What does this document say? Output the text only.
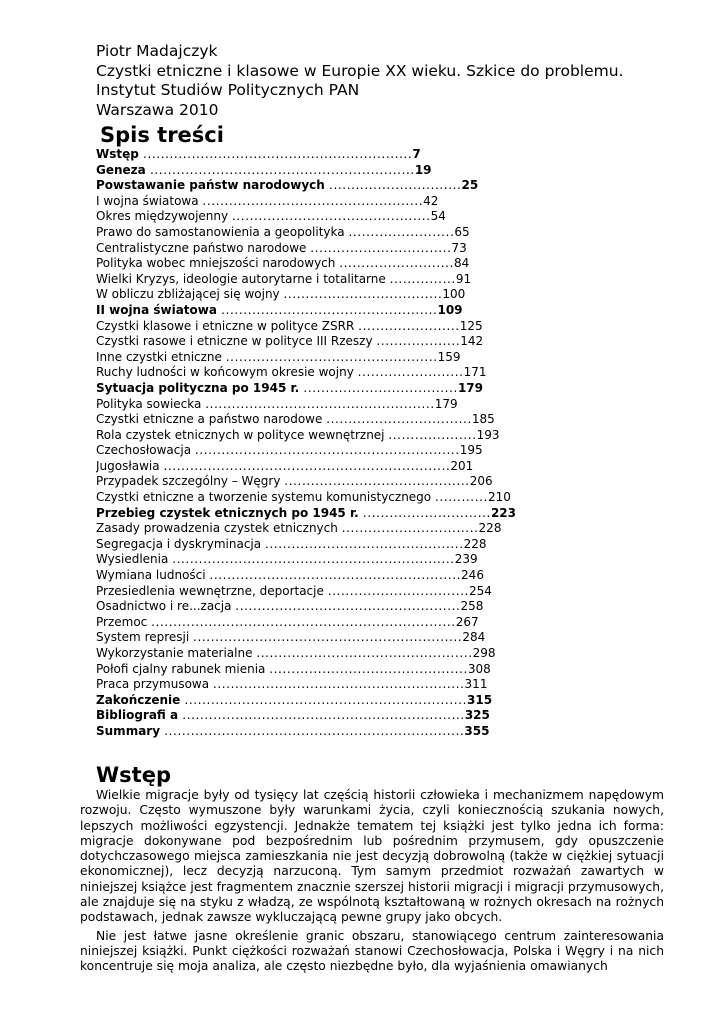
Piotr Madajczyk
Czystki etniczne i klasowe w Europie XX wieku. Szkice do problemu.
Instytut Studiów Politycznych PAN
Warszawa 2010
Spis treści
Wstęp .............................................................7
Geneza ............................................................19
Powstawanie państw narodowych ..............................25
I wojna światowa ..................................................42
Okres międzywojenny .............................................54
Prawo do samostanowienia a geopolityka ........................65
Centralistyczne państwo narodowe ................................73
Polityka wobec mniejszości narodowych ..........................84
Wielki Kryzys, ideologie autorytarne i totalitarne ...............91
W obliczu zbliżającej się wojny ....................................100
II wojna światowa .................................................109
Czystki klasowe i etniczne w polityce ZSRR .......................125
Czystki rasowe i etniczne w polityce III Rzeszy ...................142
Inne czystki etniczne ................................................159
Ruchy ludności w końcowym okresie wojny ........................171
Sytuacja polityczna po 1945 r. ...................................179
Polityka sowiecka ....................................................179
Czystki etniczne a państwo narodowe .................................185
Rola czystek etnicznych w polityce wewnętrznej ....................193
Czechosłowacja ............................................................195
Jugosławia .................................................................201
Przypadek szczególny – Węgry ..........................................206
Czystki etniczne a tworzenie systemu komunistycznego ............210
Przebieg czystek etnicznych po 1945 r. .............................223
Zasady prowadzenia czystek etnicznych ...............................228
Segregacja i dyskryminacja .............................................228
Wysiedlenia ................................................................239
Wymiana ludności .........................................................246
Przesiedlenia wewnętrzne, deportacje ................................254
Osadnictwo i re...zacja ...................................................258
Przemoc .....................................................................267
System represji .............................................................284
Wykorzystanie materialne .................................................298
Połofi cjalny rabunek mienia .............................................308
Praca przymusowa .........................................................311
Zakończenie ................................................................315
Bibliografi a ................................................................325
Summary ....................................................................355
Wstęp

Wielkie migracje były od tysięcy lat częścią historii człowieka i mechanizmem napędowym rozwoju. Często wymuszone były warunkami życia, czyli koniecznością szukania nowych, lepszych możliwości egzystencji. Jednakże tematem tej książki jest tylko jedna ich forma: migracje dokonywane pod bezpośrednim lub pośrednim przymusem, gdy opuszczenie dotychczasowego miejsca zamieszkania nie jest decyzją dobrowolną (także w ciężkiej sytuacji ekonomicznej), lecz decyzją narzuconą. Tym samym przedmiot rozważań zawartych w niniejszej książce jest fragmentem znacznie szerszej historii migracji i migracji przymusowych, ale znajduje się na styku z władzą, ze wspólnotą kształtowaną w rożnych okresach na rożnych podstawach, jednak zawsze wykluczającą pewne grupy jako obcych.

Nie jest łatwe jasne określenie granic obszaru, stanowiącego centrum zainteresowania niniejszej książki. Punkt ciężkości rozważań stanowi Czechosłowacja, Polska i Węgry i na nich koncentruje się moja analiza, ale często niezbędne było, dla wyjaśnienia omawianych
